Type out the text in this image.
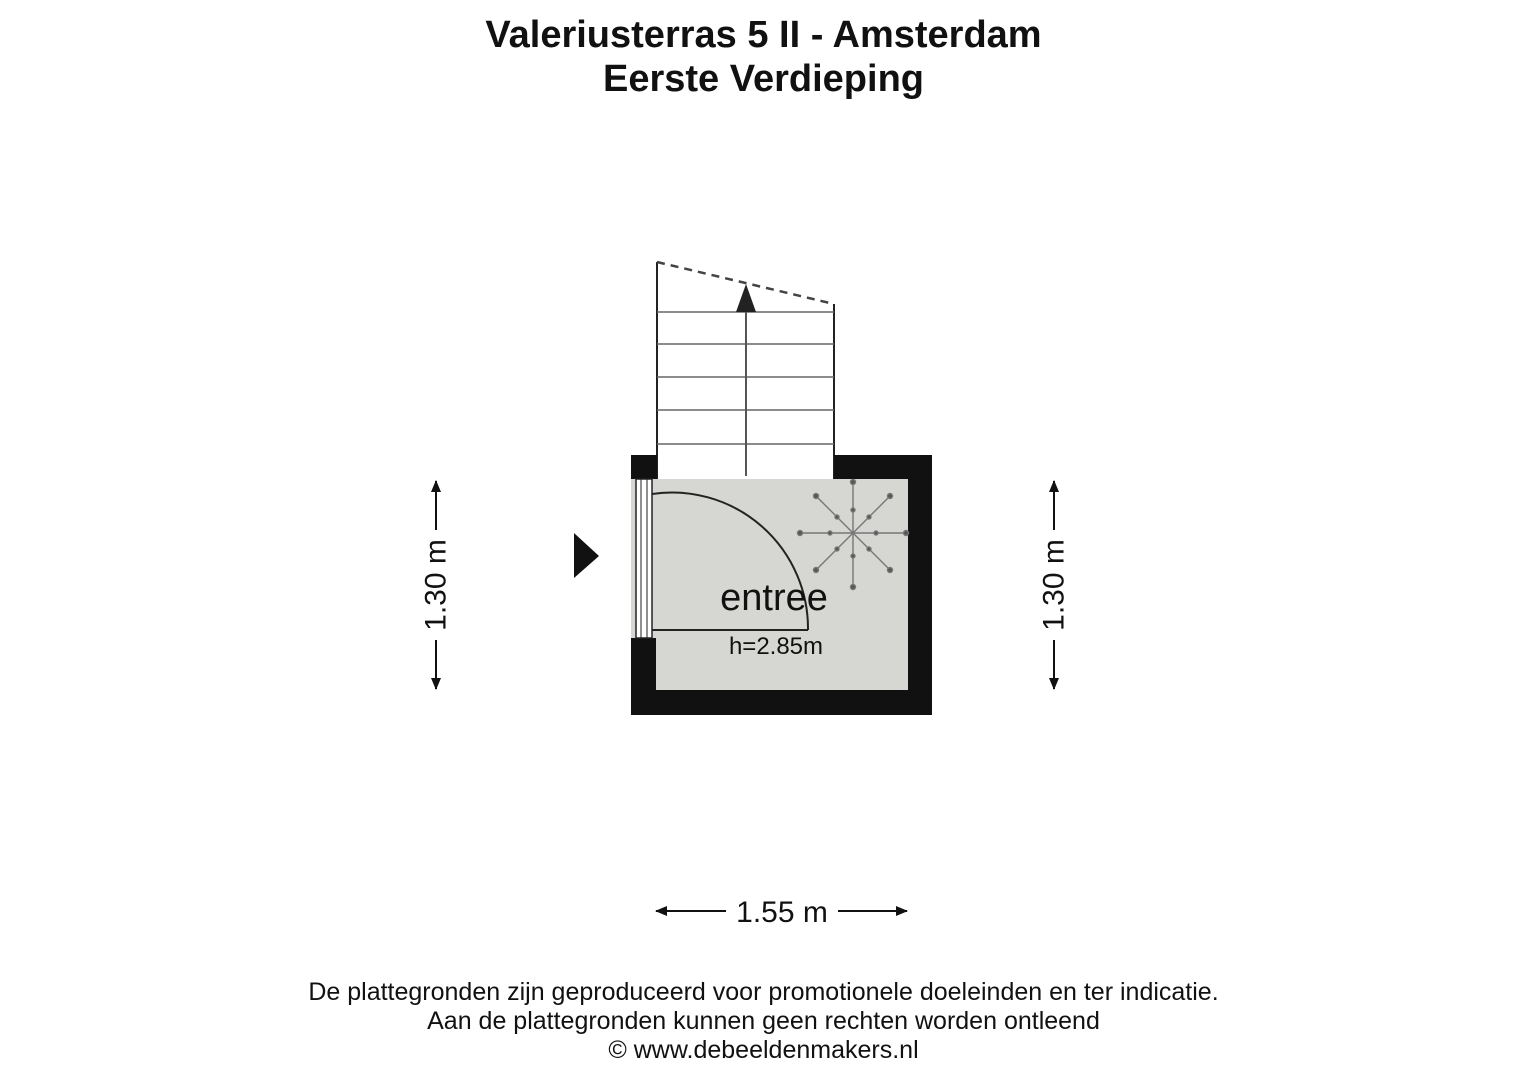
Valeriusterras 5 II - Amsterdam
Eerste Verdieping
entree
h=2.85m
1.30 m	1.30 m
1.55 m

De plattegronden zijn geproduceerd voor promotionele doeleinden en ter indicatie.

Aan de plattegronden kunnen geen rechten worden ontleend

© www.debeeldenmakers.nl
